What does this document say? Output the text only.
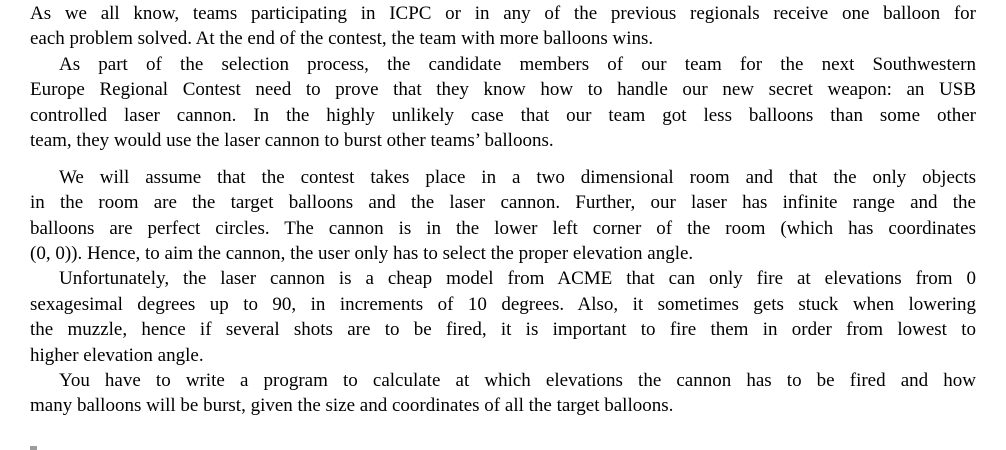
As we all know, teams participating in ICPC or in any of the previous regionals receive one balloon for
each problem solved. At the end of the contest, the team with more balloons wins.
As part of the selection process, the candidate members of our team for the next Southwestern
Europe Regional Contest need to prove that they know how to handle our new secret weapon: an USB
controlled laser cannon. In the highly unlikely case that our team got less balloons than some other
team, they would use the laser cannon to burst other teams’ balloons.
We will assume that the contest takes place in a two dimensional room and that the only objects
in the room are the target balloons and the laser cannon. Further, our laser has infinite range and the
balloons are perfect circles. The cannon is in the lower left corner of the room (which has coordinates
(0, 0)). Hence, to aim the cannon, the user only has to select the proper elevation angle.
Unfortunately, the laser cannon is a cheap model from ACME that can only fire at elevations from 0
sexagesimal degrees up to 90, in increments of 10 degrees. Also, it sometimes gets stuck when lowering
the muzzle, hence if several shots are to be fired, it is important to fire them in order from lowest to
higher elevation angle.
You have to write a program to calculate at which elevations the cannon has to be fired and how
many balloons will be burst, given the size and coordinates of all the target balloons.
